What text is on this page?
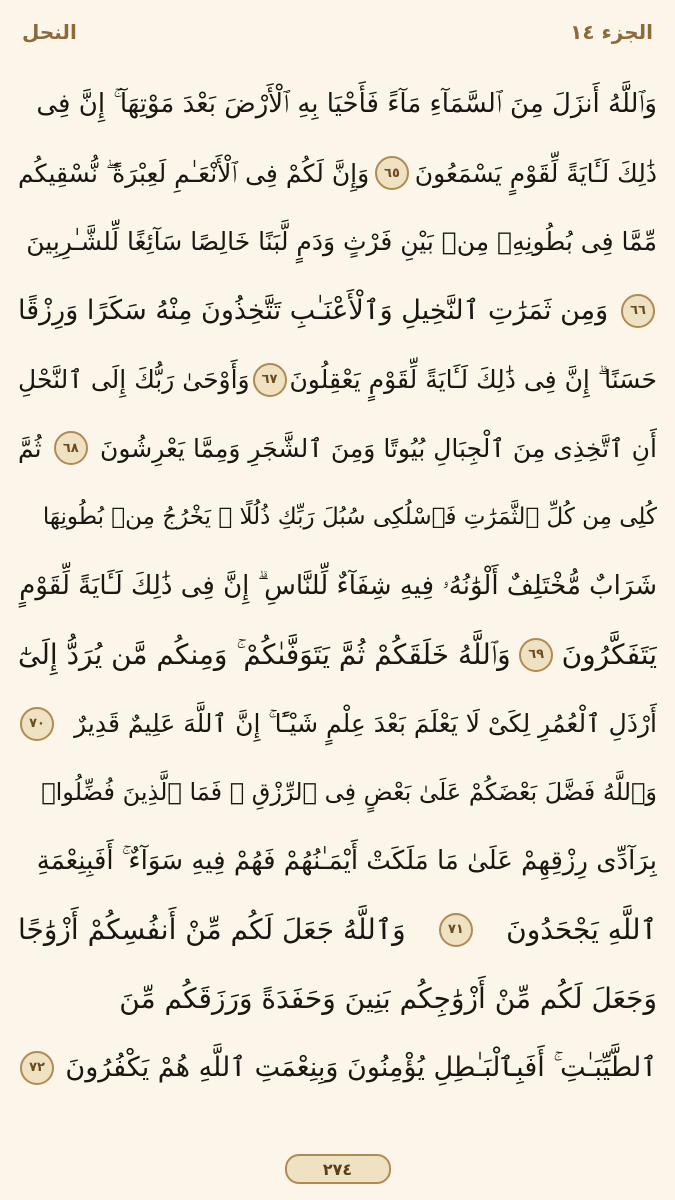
الجزء ١٤
النحل
وَٱللَّهُ أَنزَلَ مِنَ ٱلسَّمَآءِ مَآءً فَأَحْيَا بِهِ ٱلْأَرْضَ بَعْدَ مَوْتِهَآ ۚ إِنَّ فِى
ذَٰلِكَ لَـَٔايَةً لِّقَوْمٍ يَسْمَعُونَ
٦٥
وَإِنَّ لَكُمْ فِى ٱلْأَنْعَـٰمِ لَعِبْرَةً ۖ نُّسْقِيكُم
مِّمَّا فِى بُطُونِهِۦ مِنۢ بَيْنِ فَرْثٍ وَدَمٍ لَّبَنًا خَالِصًا سَآئِغًا لِّلشَّـٰرِبِينَ
٦٦
وَمِن ثَمَرَٰتِ ٱلنَّخِيلِ وَٱلْأَعْنَـٰبِ تَتَّخِذُونَ مِنْهُ سَكَرًا وَرِزْقًا
حَسَنًا ۗ إِنَّ فِى ذَٰلِكَ لَـَٔايَةً لِّقَوْمٍ يَعْقِلُونَ
٦٧
وَأَوْحَىٰ رَبُّكَ إِلَى ٱلنَّحْلِ
أَنِ ٱتَّخِذِى مِنَ ٱلْجِبَالِ بُيُوتًا وَمِنَ ٱلشَّجَرِ وَمِمَّا يَعْرِشُونَ
٦٨
ثُمَّ
كُلِى مِن كُلِّ ٱلثَّمَرَٰتِ فَٱسْلُكِى سُبُلَ رَبِّكِ ذُلُلًا ۚ يَخْرُجُ مِنۢ بُطُونِهَا
شَرَابٌ مُّخْتَلِفٌ أَلْوَٰنُهُۥ فِيهِ شِفَآءٌ لِّلنَّاسِ ۗ إِنَّ فِى ذَٰلِكَ لَـَٔايَةً لِّقَوْمٍ
يَتَفَكَّرُونَ
٦٩
وَٱللَّهُ خَلَقَكُمْ ثُمَّ يَتَوَفَّىٰكُمْ ۚ وَمِنكُم مَّن يُرَدُّ إِلَىٰٓ
أَرْذَلِ ٱلْعُمُرِ لِكَىْ لَا يَعْلَمَ بَعْدَ عِلْمٍ شَيْـًٔا ۚ إِنَّ ٱللَّهَ عَلِيمٌ قَدِيرٌ
٧٠
وَٱللَّهُ فَضَّلَ بَعْضَكُمْ عَلَىٰ بَعْضٍ فِى ٱلرِّزْقِ ۚ فَمَا ٱلَّذِينَ فُضِّلُوا۟
بِرَآدِّى رِزْقِهِمْ عَلَىٰ مَا مَلَكَتْ أَيْمَـٰنُهُمْ فَهُمْ فِيهِ سَوَآءٌ ۚ أَفَبِنِعْمَةِ
ٱللَّهِ يَجْحَدُونَ
٧١
وَٱللَّهُ جَعَلَ لَكُم مِّنْ أَنفُسِكُمْ أَزْوَٰجًا
وَجَعَلَ لَكُم مِّنْ أَزْوَٰجِكُم بَنِينَ وَحَفَدَةً وَرَزَقَكُم مِّنَ
ٱلطَّيِّبَـٰتِ ۚ أَفَبِٱلْبَـٰطِلِ يُؤْمِنُونَ وَبِنِعْمَتِ ٱللَّهِ هُمْ يَكْفُرُونَ
٧٢
٢٧٤
